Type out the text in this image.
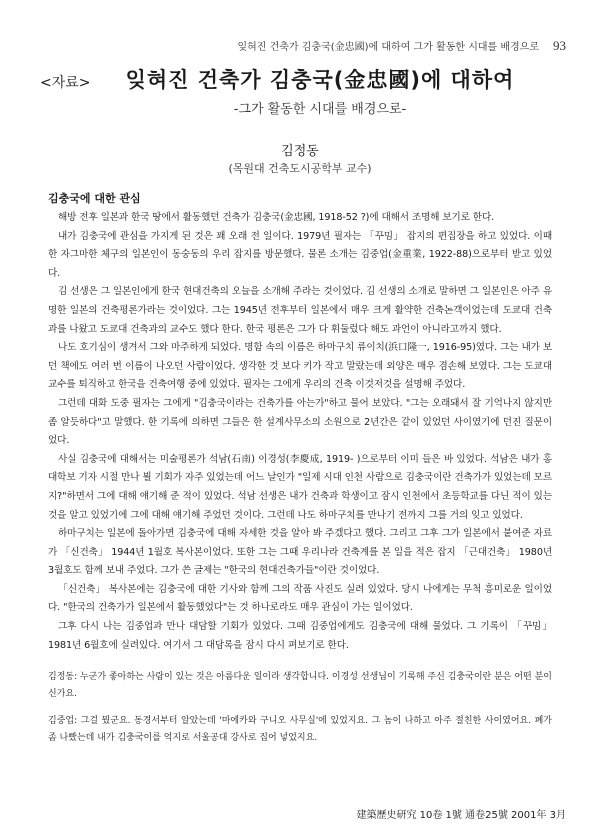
잊혀진 건축가 김충국(金忠國)에 대하여 그가 활동한 시대를 배경으로 93
<자료>	잊혀진 건축가 김충국(金忠國)에 대하여
-그가 활동한 시대를 배경으로-
김정동
(목원대 건축도시공학부 교수)
김충국에 대한 관심

해방 전후 일본과 한국 땅에서 활동했던 건축가 김충국(金忠國, 1918-52 ?)에 대해서 조명해 보기로 한다.

내가 김충국에 관심을 가지게 된 것은 꽤 오래 전 일이다. 1979년 필자는 「꾸밈」 잡지의 편집장을 하고 있었다. 이때 한 자그마한 체구의 일본인이 동숭동의 우리 잡지를 방문했다. 물론 소개는 김중업(金重業, 1922-88)으로부터 받고 있었다.

김 선생은 그 일본인에게 한국 현대건축의 오늘을 소개해 주라는 것이었다. 김 선생의 소개로 말하면 그 일본인은 아주 유명한 일본의 건축평론가라는 것이었다. 그는 1945년 전후부터 일본에서 매우 크게 활약한 건축논객이었는데 도쿄대 건축과를 나왔고 도쿄대 건축과의 교수도 했다 한다. 한국 평론은 그가 다 휘둘렀다 해도 과언이 아니라고까지 했다.

나도 호기심이 생겨서 그와 마주하게 되었다. 명함 속의 이름은 하마구치 류이치(浜口隆一, 1916-95)였다. 그는 내가 보던 책에도 여러 번 이름이 나오던 사람이었다. 생각한 것 보다 키가 작고 말랐는데 외양은 매우 겸손해 보였다. 그는 도쿄대 교수를 퇴직하고 한국을 건축여행 중에 있었다. 필자는 그에게 우리의 건축 이것저것을 설명해 주었다.

그런데 대화 도중 필자는 그에게 "김충국이라는 건축가를 아는가"하고 물어 보았다. "그는 오래돼서 잘 기억나지 않지만 좀 알듯하다"고 말했다. 한 기록에 의하면 그들은 한 설계사무소의 소원으로 2년간은 같이 있었던 사이였기에 던진 질문이었다.

사실 김충국에 대해서는 미술평론가 석남(石南) 이경성(李慶成, 1919- )으로부터 이미 들은 바 있었다. 석남은 내가 홍대학보 기자 시절 만나 뵐 기회가 자주 있었는데 어느 날인가 "일제 시대 인천 사람으로 김충국이란 건축가가 있었는데 모르지?"하면서 그에 대해 얘기해 준 적이 있었다. 석남 선생은 내가 건축과 학생이고 잠시 인천에서 초등학교를 다닌 적이 있는 것을 알고 있었기에 그에 대해 얘기해 주었던 것이다. 그런데 나도 하마구치를 만나기 전까지 그를 거의 잊고 있었다.

하마구치는 일본에 돌아가면 김충국에 대해 자세한 것을 알아 봐 주겠다고 했다. 그리고 그후 그가 일본에서 붙여준 자료가 「신건축」 1944년 1월호 복사본이었다. 또한 그는 그때 우리나라 건축계를 본 일을 적은 잡지 「근대건축」 1980년 3월호도 함께 보내 주었다. 그가 쓴 글제는 "한국의 현대건축가들"이란 것이었다.

「신건축」 복사본에는 김충국에 대한 기사와 함께 그의 작품 사진도 실려 있었다. 당시 나에게는 무척 흥미로운 일이었다. "한국의 건축가가 일본에서 활동했었다"는 것 하나로라도 매우 관심이 가는 일이었다.

그후 다시 나는 김중업과 만나 대담할 기회가 있었다. 그때 김중업에게도 김충국에 대해 물었다. 그 기록이 「꾸밈」 1981년 6월호에 실려있다. 여기서 그 대담록을 잠시 다시 펴보기로 한다.

김정동: 누군가 좋아하는 사람이 있는 것은 아름다운 일이라 생각합니다. 이경성 선생님이 기록해 주신 김충국이란 분은 어떤 분이신가요.

김중업: 그걸 뭤군요. 동경서부터 알았는데 '마에카와 구니오 사무실'에 있었지요. 그 놈이 나하고 아주 절친한 사이였어요. 폐가 좀 나빴는데 내가 김충국이를 억지로 서울공대 강사로 집어 넣었지요.

建築歷史研究 10卷 1號 通卷25號 2001年 3月
